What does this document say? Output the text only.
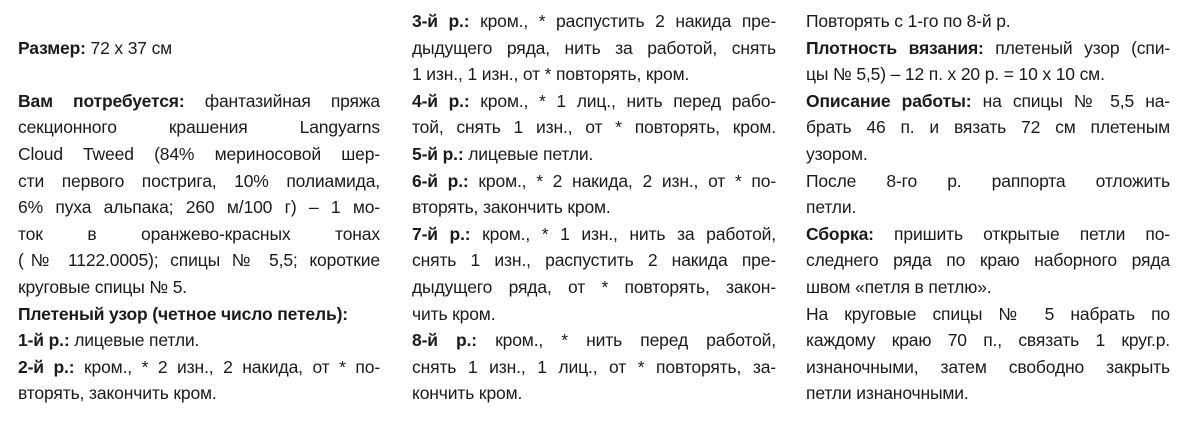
Размер: 72 x 37 см
Вам потребуется: фантазийная пряжа
секционного крашения Langyarns
Cloud Tweed (84% мериносовой шер-
сти первого пострига, 10% полиамида,
6% пуха альпака; 260 м/100 г) – 1 мо-
ток в оранжево-красных тонах
(№ 1122.0005); спицы № 5,5; короткие
круговые спицы № 5.
Плетеный узор (четное число петель):
1-й р.: лицевые петли.
2-й р.: кром., * 2 изн., 2 накида, от * по-
вторять, закончить кром.
3-й р.: кром., * распустить 2 накида пре-
дыдущего ряда, нить за работой, снять
1 изн., 1 изн., от * повторять, кром.
4-й р.: кром., * 1 лиц., нить перед рабо-
той, снять 1 изн., от * повторять, кром.
5-й р.: лицевые петли.
6-й р.: кром., * 2 накида, 2 изн., от * по-
вторять, закончить кром.
7-й р.: кром., * 1 изн., нить за работой,
снять 1 изн., распустить 2 накида пре-
дыдущего ряда, от * повторять, закон-
чить кром.
8-й р.: кром., * нить перед работой,
снять 1 изн., 1 лиц., от * повторять, за-
кончить кром.
Повторять с 1-го по 8-й р.
Плотность вязания: плетеный узор (спи-
цы № 5,5) – 12 п. х 20 р. = 10 х 10 см.
Описание работы: на спицы № 5,5 на-
брать 46 п. и вязать 72 см плетеным
узором.
После 8-го р. раппорта отложить
петли.
Сборка: пришить открытые петли по-
следнего ряда по краю наборного ряда
швом «петля в петлю».
На круговые спицы № 5 набрать по
каждому краю 70 п., связать 1 круг.р.
изнаночными, затем свободно закрыть
петли изнаночными.
